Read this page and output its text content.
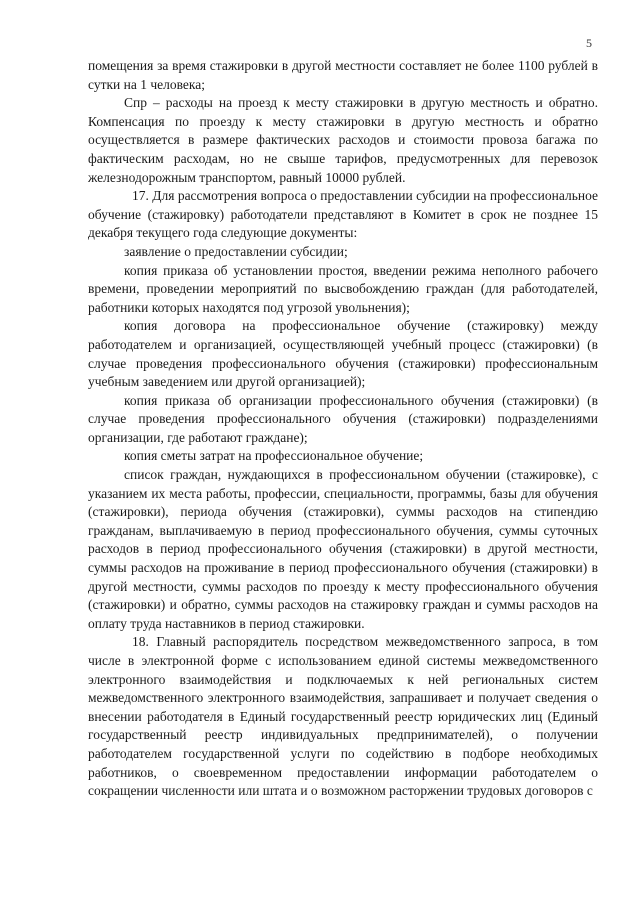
5

помещения за время стажировки в другой местности составляет не более 1100 рублей в сутки на 1 человека;

Спр – расходы на проезд к месту стажировки в другую местность и обратно. Компенсация по проезду к месту стажировки в другую местность и обратно осуществляется в размере фактических расходов и стоимости провоза багажа по фактическим расходам, но не свыше тарифов, предусмотренных для перевозок железнодорожным транспортом, равный 10000 рублей.

17. Для рассмотрения вопроса о предоставлении субсидии на профессиональное обучение (стажировку) работодатели представляют в Комитет в срок не позднее 15 декабря текущего года следующие документы:

заявление о предоставлении субсидии;

копия приказа об установлении простоя, введении режима неполного рабочего времени, проведении мероприятий по высвобождению граждан (для работодателей, работники которых находятся под угрозой увольнения);

копия договора на профессиональное обучение (стажировку) между работодателем и организацией, осуществляющей учебный процесс (стажировки) (в случае проведения профессионального обучения (стажировки) профессиональным учебным заведением или другой организацией);

копия приказа об организации профессионального обучения (стажировки) (в случае проведения профессионального обучения (стажировки) подразделениями организации, где работают граждане);

копия сметы затрат на профессиональное обучение;

список граждан, нуждающихся в профессиональном обучении (стажировке), с указанием их места работы, профессии, специальности, программы, базы для обучения (стажировки), периода обучения (стажировки), суммы расходов на стипендию гражданам, выплачиваемую в период профессионального обучения, суммы суточных расходов в период профессионального обучения (стажировки) в другой местности, суммы расходов на проживание в период профессионального обучения (стажировки) в другой местности, суммы расходов по проезду к месту профессионального обучения (стажировки) и обратно, суммы расходов на стажировку граждан и суммы расходов на оплату труда наставников в период стажировки.

18. Главный распорядитель посредством межведомственного запроса, в том числе в электронной форме с использованием единой системы межведомственного электронного взаимодействия и подключаемых к ней региональных систем межведомственного электронного взаимодействия, запрашивает и получает сведения о внесении работодателя в Единый государственный реестр юридических лиц (Единый государственный реестр индивидуальных предпринимателей), о получении работодателем государственной услуги по содействию в подборе необходимых работников, о своевременном предоставлении информации работодателем о сокращении численности или штата и о возможном расторжении трудовых договоров с
